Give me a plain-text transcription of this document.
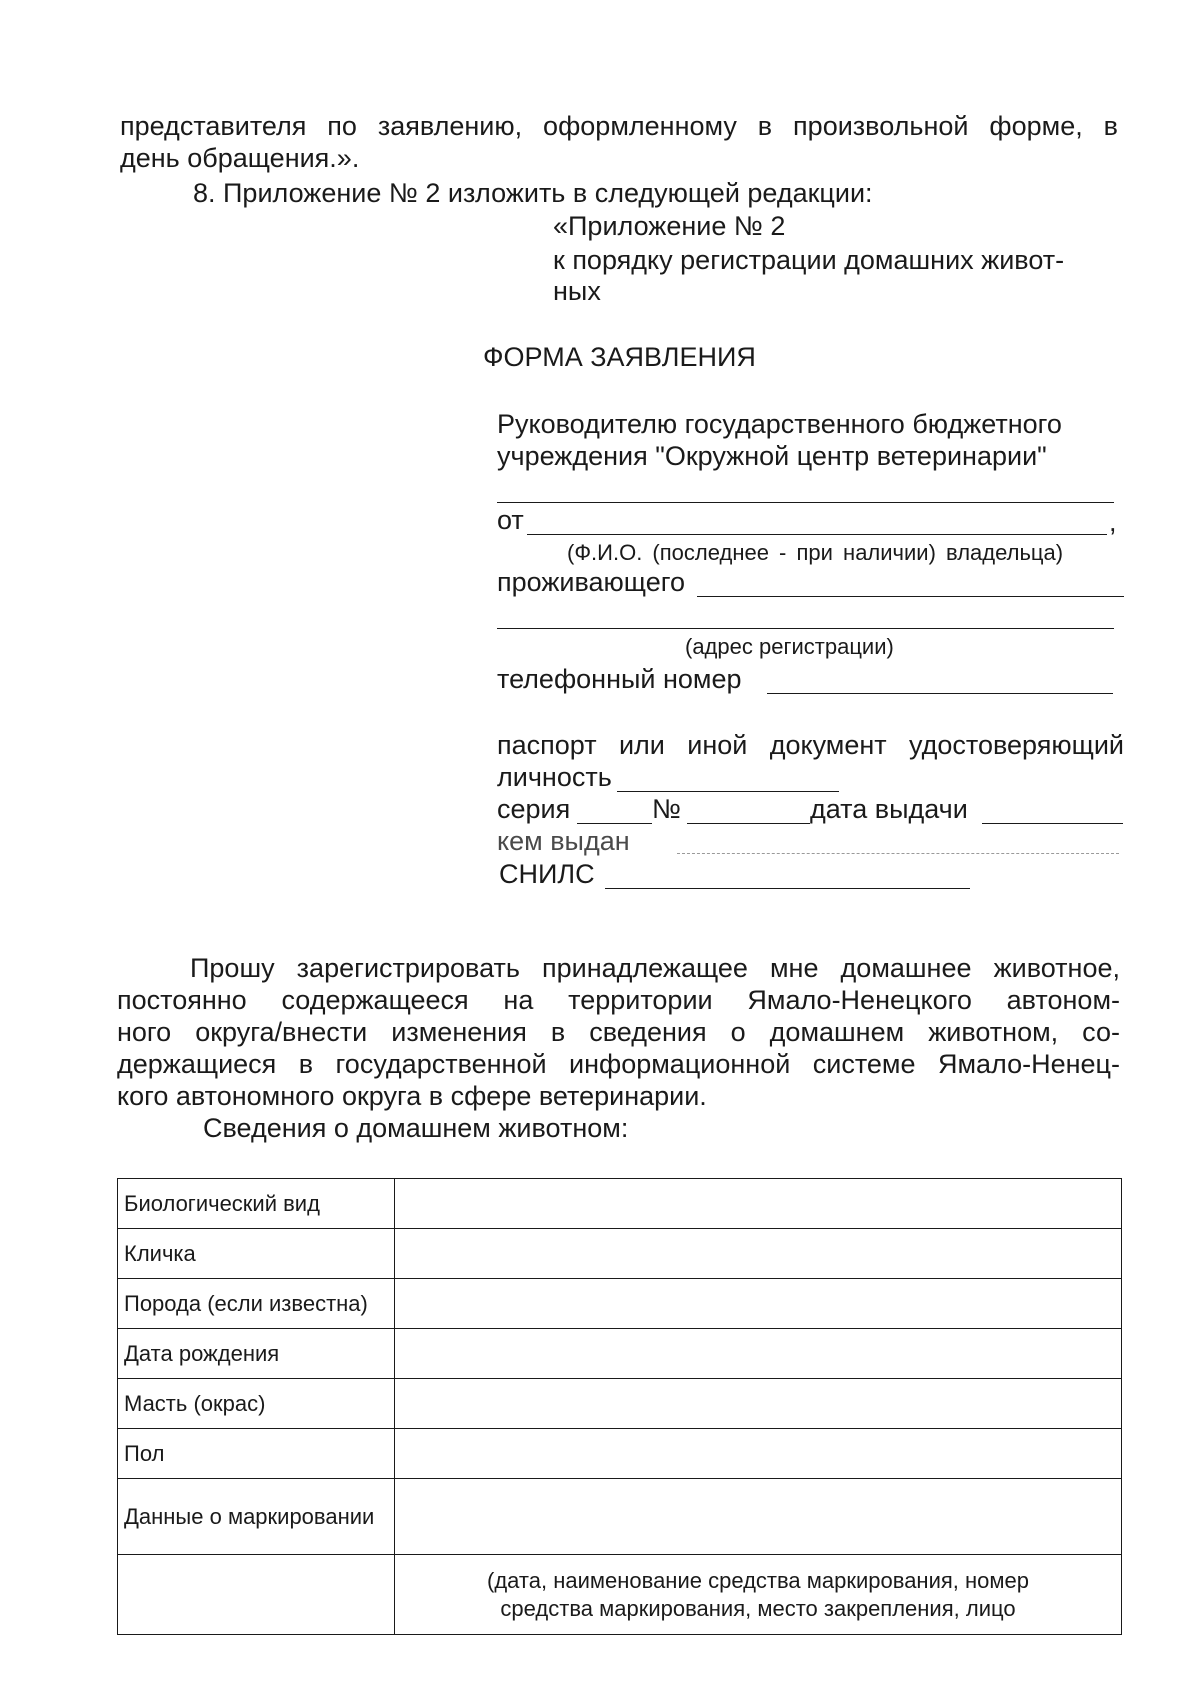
представителя по заявлению, оформленному в произвольной форме, в
день обращения.».
8. Приложение № 2 изложить в следующей редакции:
«Приложение № 2
к порядку регистрации домашних живот-
ных
ФОРМА ЗАЯВЛЕНИЯ
Руководителю государственного бюджетного
учреждения "Окружной центр ветеринарии"
от	,
(Ф.И.О. (последнее - при наличии) владельца)
проживающего
(адрес регистрации)
телефонный номер
паспорт или иной документ удостоверяющий
личность
серия	№	дата выдачи
кем выдан
СНИЛС
Прошу зарегистрировать принадлежащее мне домашнее животное,
постоянно содержащееся на территории Ямало-Ненецкого автоном-
ного округа/внести изменения в сведения о домашнем животном, со-
держащиеся в государственной информационной системе Ямало-Ненец-
кого автономного округа в сфере ветеринарии.
Сведения о домашнем животном:
Биологический вид	
Кличка	
Порода (если известна)	
Дата рождения	
Масть (окрас)	
Пол	
Данные о маркировании	

	(дата, наименование средства маркирования, номер
средства маркирования, место закрепления, лицо
